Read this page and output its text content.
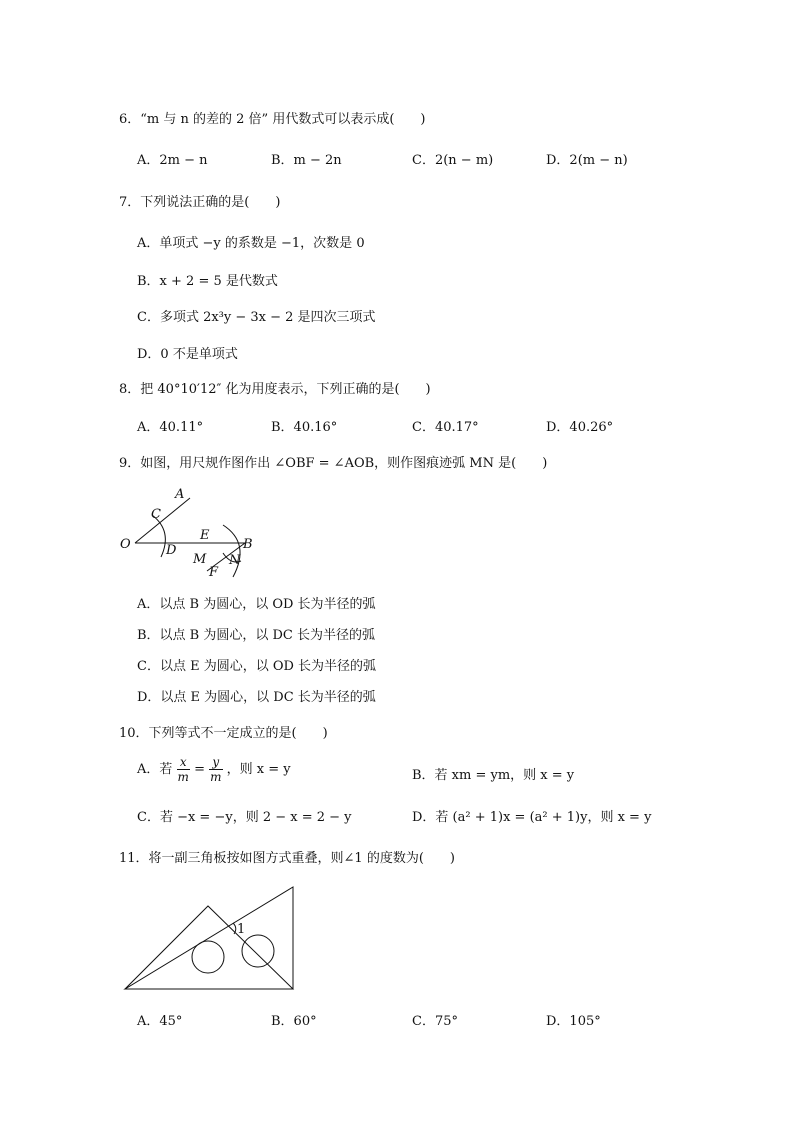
6．“m 与 n 的差的 2 倍” 用代数式可以表示成(　　)
A．2m − n	B．m − 2n	C．2(n − m)	D．2(m − n)
7．下列说法正确的是(　　)
A．单项式 −y 的系数是 −1，次数是 0
B．x + 2 = 5 是代数式
C．多项式 2x³y − 3x − 2 是四次三项式
D．0 不是单项式
8．把 40°10′12″ 化为用度表示，下列正确的是(　　)
A．40.11°	B．40.16°	C．40.17°	D．40.26°
9．如图，用尺规作图作出 ∠OBF = ∠AOB，则作图痕迹弧 MN 是(　　)
A
C
O	D
E
B
M N
F
A．以点 B 为圆心，以 OD 长为半径的弧
B．以点 B 为圆心，以 DC 长为半径的弧
C．以点 E 为圆心，以 OD 长为半径的弧
D．以点 E 为圆心，以 DC 长为半径的弧
10．下列等式不一定成立的是(　　)
A．若 $\frac{x}{m} = \frac{y}{m}$ ，则 x = y	B．若 xm = ym，则 x = y
C．若 −x = −y，则 2 − x = 2 − y	D．若 (a² + 1)x = (a² + 1)y，则 x = y
11．将一副三角板按如图方式重叠，则∠1 的度数为(　　)
1
A．45°	B．60°	C．75°	D．105°
